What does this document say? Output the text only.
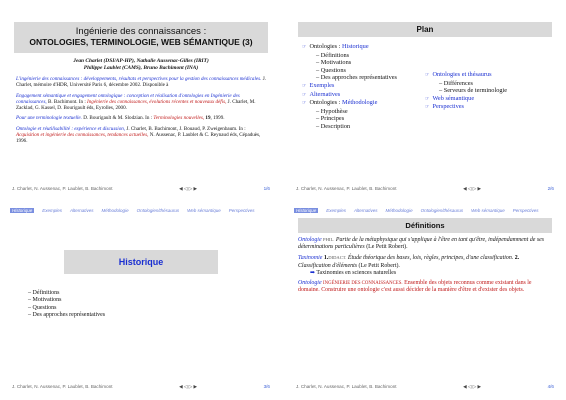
Ingénierie des connaissances :
ONTOLOGIES, TERMINOLOGIE, WEB SÉMANTIQUE (3)
Jean Charlet (DSI/AP-HP), Nathalie Aussenac-Gilles (IRIT)
Philippe Laublet (CAMS), Bruno Bachimont (INA)

L'ingénierie des connaissances : développements, résultats et perspectives pour la gestion des connaissances médicales. J. Charlet, mémoire d'HDR, Université Paris 6, décembre 2002. Disponible à

Engagement sémantique et engagement ontologique : conception et réalisation d'ontologies en Ingénierie des connaissances, B. Bachimont. In : Ingénierie des connaissances, évolutions récentes et nouveaux défis, J. Charlet, M. Zacklad, G. Kassel, D. Bourigault éds, Eyrolles, 2000.

Pour une terminologie textuelle. D. Bourigault & M. Slodzian. In : Terminologies nouvelles, 19, 1999.

Ontologie et réutilisabilité : expérience et discussion, J. Charlet, B. Bachimont, J. Bouaud, P. Zweigenbaum. In : Acquisition et ingénierie des connaissances, tendances actuelles, N. Aussenac, P. Laublet & C. Reynaud éds, Cépaduès, 1996.

J. Charlet, N. Aussenac, P. Laublet, B. Bachimont	◀ ◁ ▷ ▶	1/6
Plan
☞ Ontologies : Historique
– Définitions
– Motivations
– Questions
– Des approches représentatives
☞ Exemples
☞ Alternatives
☞ Ontologies : Méthodologie
– Hypothèse
– Principes
– Description
☞ Ontologies et thésaurus
– Différences
– Serveurs de terminologie
☞ Web sémantique
☞ Perspectives
J. Charlet, N. Aussenac, P. Laublet, B. Bachimont	◀ ◁ ▷ ▶	2/6
Historique	Exemples Alternatives Méthodologie Ontologies/thésaurus Web sémantique Perspectives
Historique
– Définitions
– Motivations
– Questions
– Des approches représentatives
J. Charlet, N. Aussenac, P. Laublet, B. Bachimont	◀ ◁ ▷ ▶	3/6
Historique	Exemples Alternatives Méthodologie Ontologies/thésaurus Web sémantique Perspectives
Définitions
Ontologie PHIL. Partie de la métaphysique qui s'applique à l'être en tant qu'être, indépendamment de ses déterminations particulières (Le Petit Robert).
Taxinomie 1.DIDACT. Étude théorique des bases, lois, règles, principes, d'une classification. 2. Classification d'éléments (Le Petit Robert).
➡ Taxinomies en sciences naturelles
Ontologie INGÉNIERIE DES CONNAISSANCES. Ensemble des objets reconnus comme existant dans le domaine. Construire une ontologie c'est aussi décider de la manière d'être et d'exister des objets.
J. Charlet, N. Aussenac, P. Laublet, B. Bachimont	◀ ◁ ▷ ▶	4/6
